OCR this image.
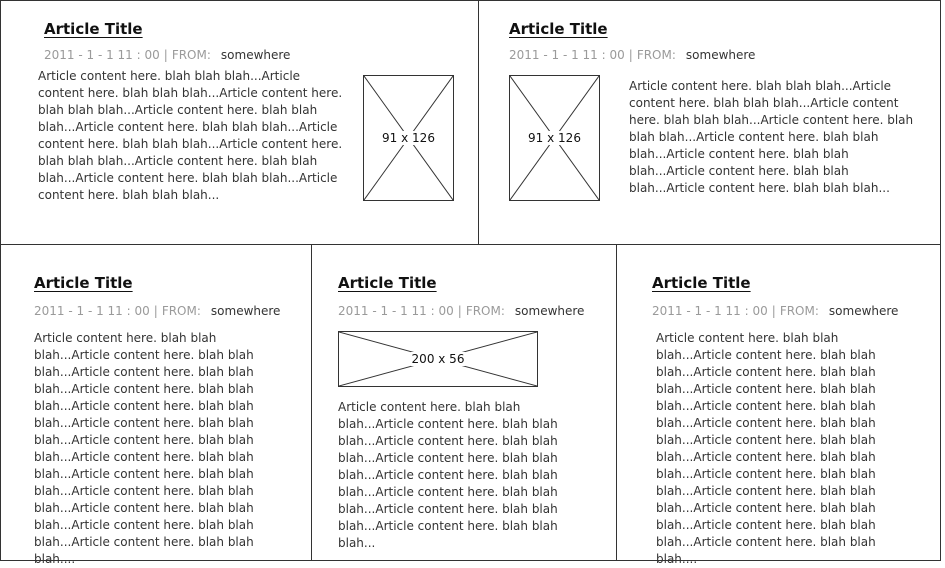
Article Title
2011 - 1 - 1 11 : 00 | FROM: somewhere
Article content here. blah blah blah...Article content here. blah blah blah...Article content here. blah blah blah...Article content here. blah blah blah...Article content here. blah blah blah...Article content here. blah blah blah...Article content here. blah blah blah...Article content here. blah blah blah...Article content here. blah blah blah...Article content here. blah blah blah...
91 x 126
Article Title
2011 - 1 - 1 11 : 00 | FROM: somewhere
91 x 126
Article content here. blah blah blah...Article content here. blah blah blah...Article content here. blah blah blah...Article content here. blah blah blah...Article content here. blah blah blah...Article content here. blah blah blah...Article content here. blah blah blah...Article content here. blah blah blah...
Article Title
2011 - 1 - 1 11 : 00 | FROM: somewhere
Article content here. blah blah blah...Article content here. blah blah blah...Article content here. blah blah blah...Article content here. blah blah blah...Article content here. blah blah blah...Article content here. blah blah blah...Article content here. blah blah blah...Article content here. blah blah blah...Article content here. blah blah blah...Article content here. blah blah blah...Article content here. blah blah blah...Article content here. blah blah blah...Article content here. blah blah blah....
Article Title
2011 - 1 - 1 11 : 00 | FROM: somewhere
200 x 56
Article content here. blah blah blah...Article content here. blah blah blah...Article content here. blah blah blah...Article content here. blah blah blah...Article content here. blah blah blah...Article content here. blah blah blah...Article content here. blah blah blah...Article content here. blah blah blah...
Article Title
2011 - 1 - 1 11 : 00 | FROM: somewhere
Article content here. blah blah blah...Article content here. blah blah blah...Article content here. blah blah blah...Article content here. blah blah blah...Article content here. blah blah blah...Article content here. blah blah blah...Article content here. blah blah blah...Article content here. blah blah blah...Article content here. blah blah blah...Article content here. blah blah blah...Article content here. blah blah blah...Article content here. blah blah blah...Article content here. blah blah blah....
